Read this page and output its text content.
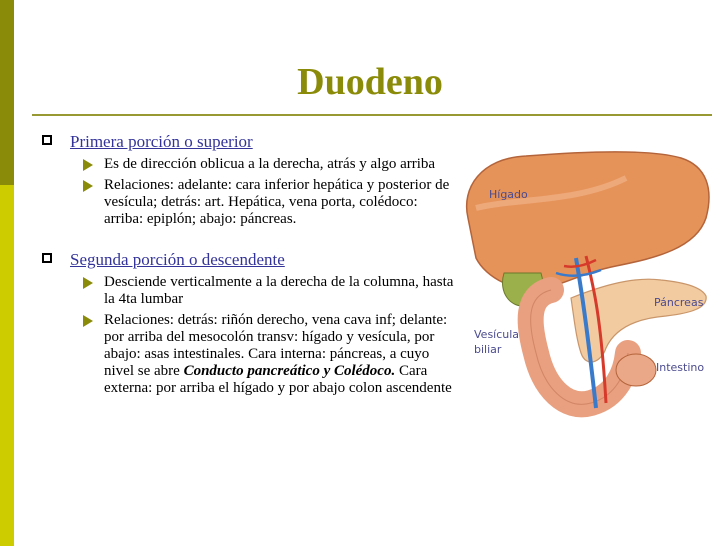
Duodeno
Primera porción o superior
Es de dirección oblicua a la derecha, atrás y algo arriba
Relaciones: adelante: cara inferior hepática y posterior de vesícula; detrás: art. Hepática, vena porta, colédoco: arriba: epiplón; abajo: páncreas.
Segunda porción o descendente
Desciende verticalmente a la derecha de la columna, hasta la 4ta lumbar
Relaciones: detrás: riñón derecho, vena cava inf; delante: por arriba del mesocolón transv: hígado y vesícula, por abajo: asas intestinales. Cara interna: páncreas, a cuyo nivel se abre Conducto pancreático y Colédoco. Cara externa: por arriba el hígado y por abajo colon ascendente
Hígado
Páncreas
Vesícula
biliar
Intestino
